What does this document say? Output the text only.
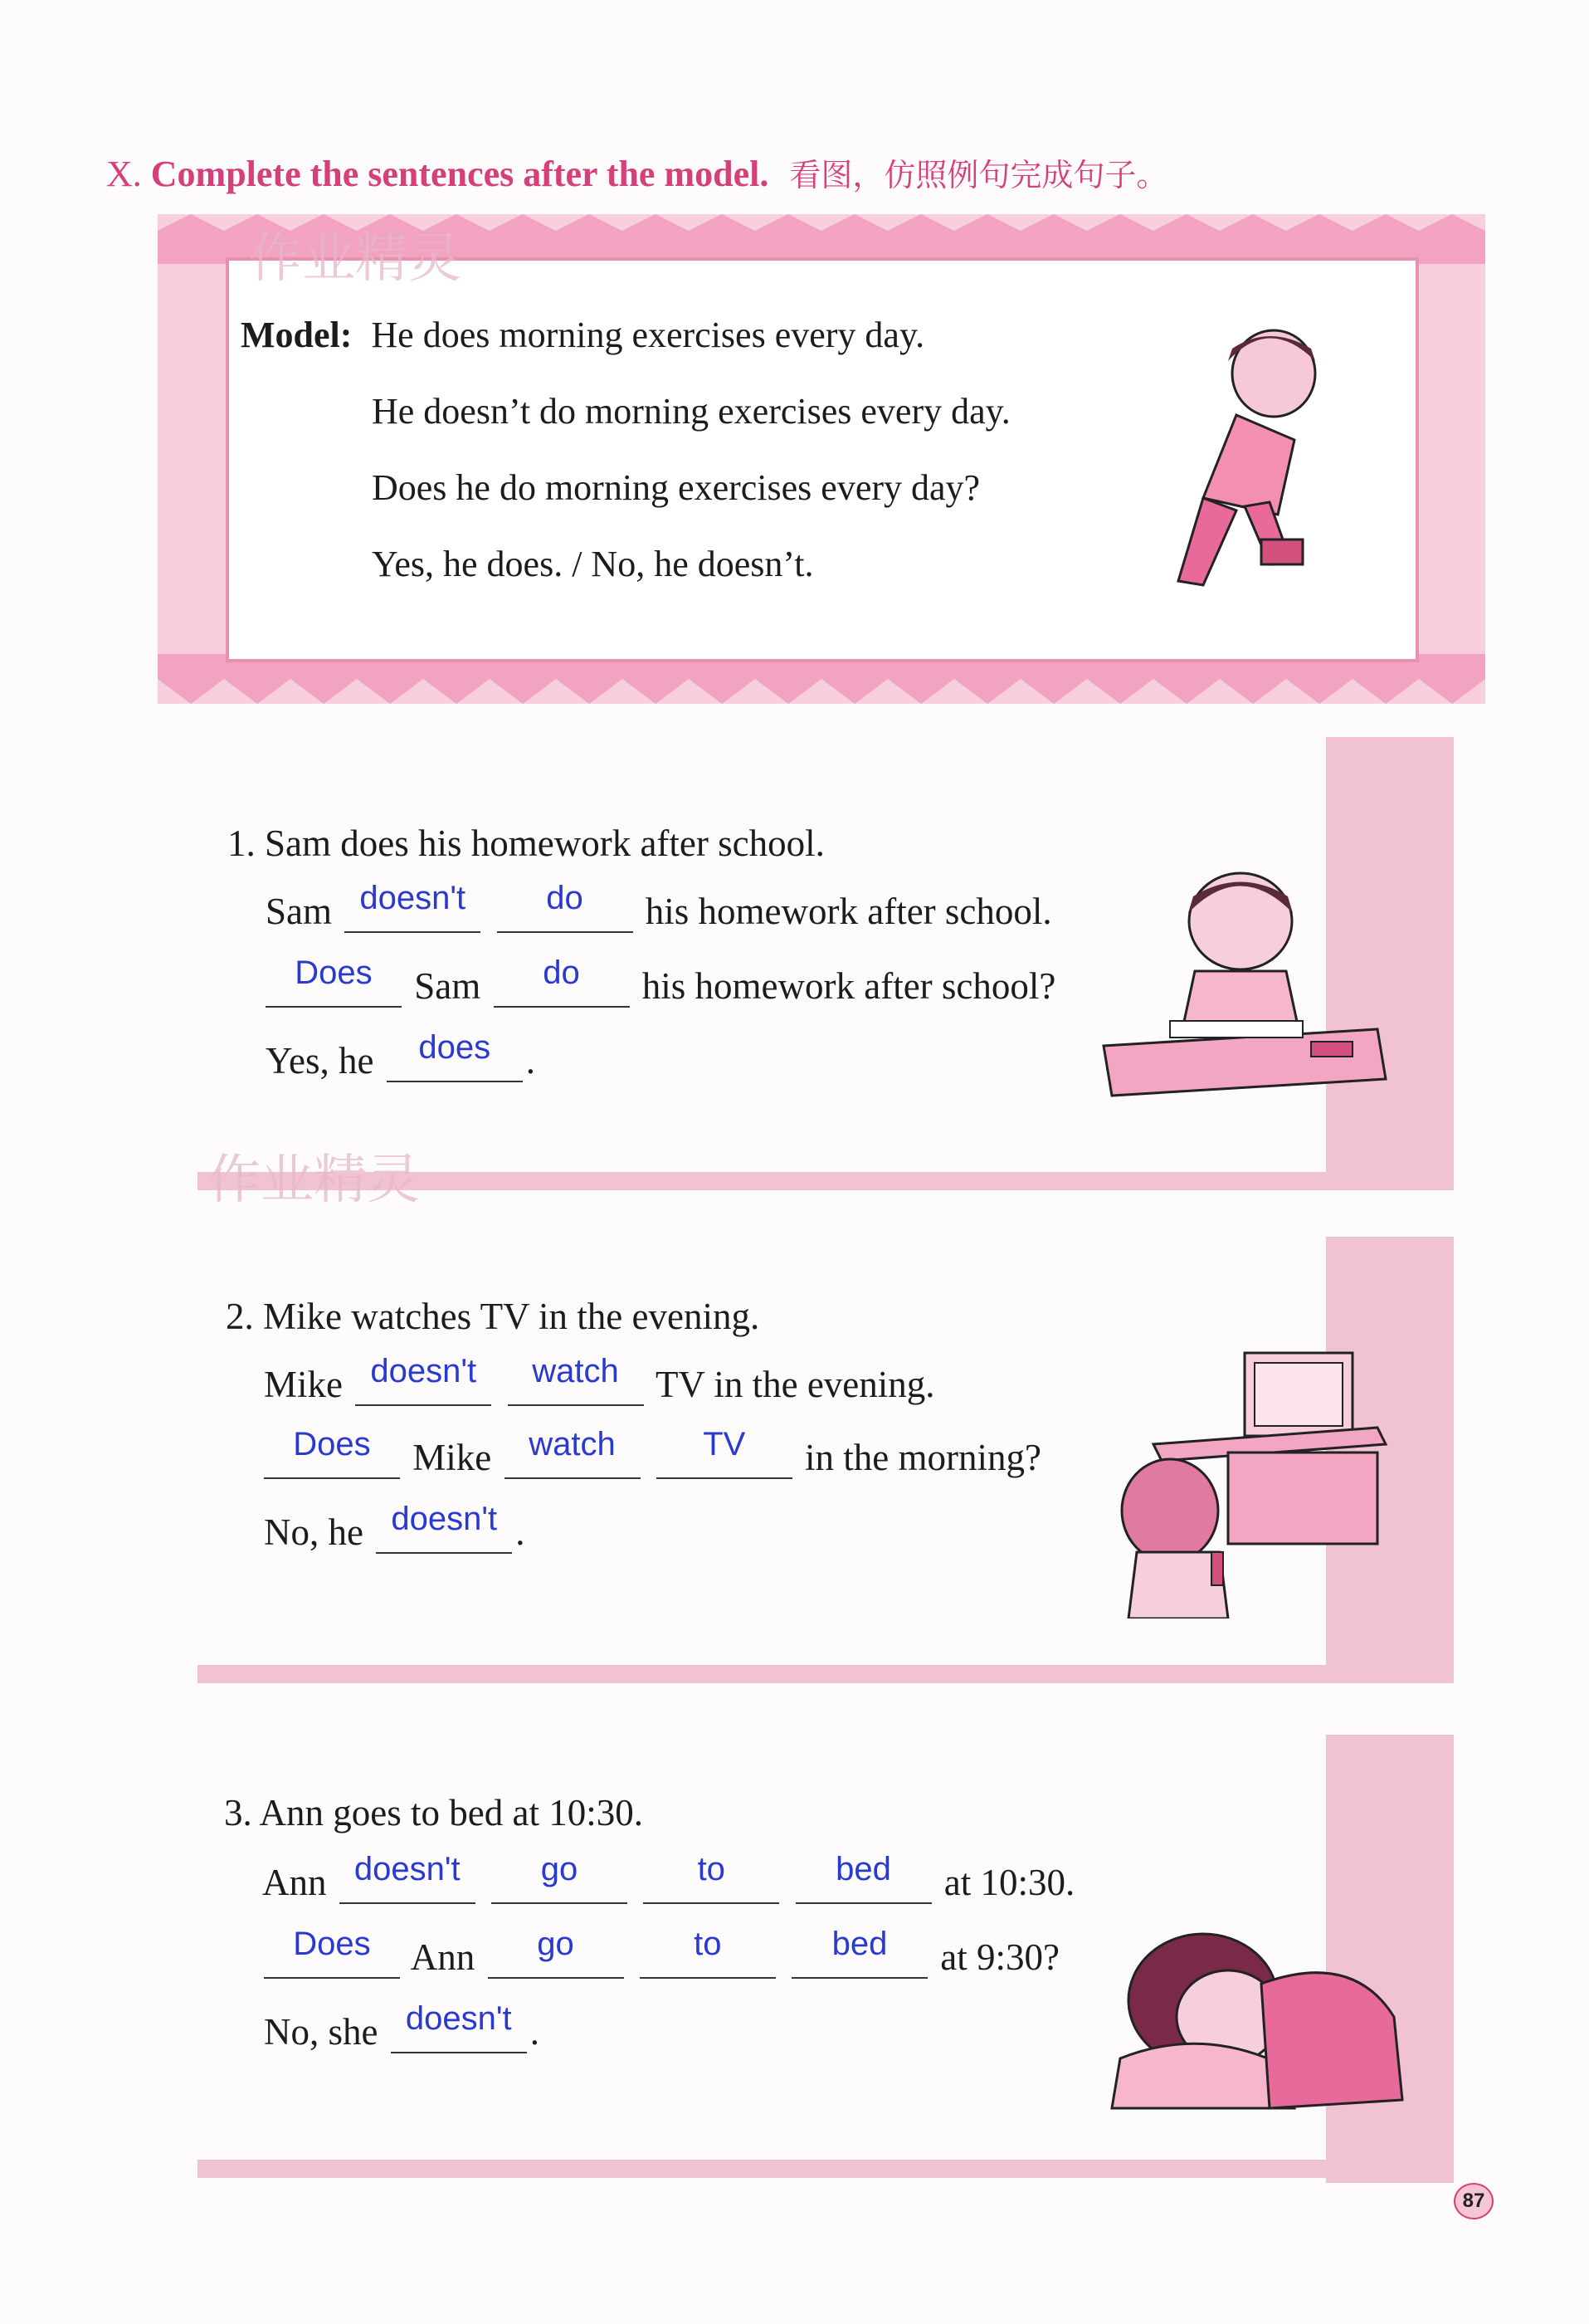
X. Complete the sentences after the model. 看图，仿照例句完成句子。
Model: He does morning exercises every day.
He doesn’t do morning exercises every day.
Does he do morning exercises every day?
Yes, he does. / No, he doesn’t.
作业精灵
1. Sam does his homework after school.
Sam doesn't
	do	his homework after school.
Does	Sam	do	his homework after school?
Yes, he	does .
作业精灵
2. Mike watches TV in the evening.
Mike doesn't
	watch TV in the evening.
Does	Mike	watch
	TV	in the morning?
No, he doesn't .
3. Ann goes to bed at 10:30.
Ann doesn't
	go
	to
	bed	at 10:30.
Does	Ann	go
	to
	bed	at 9:30?
No, she doesn't .
87
